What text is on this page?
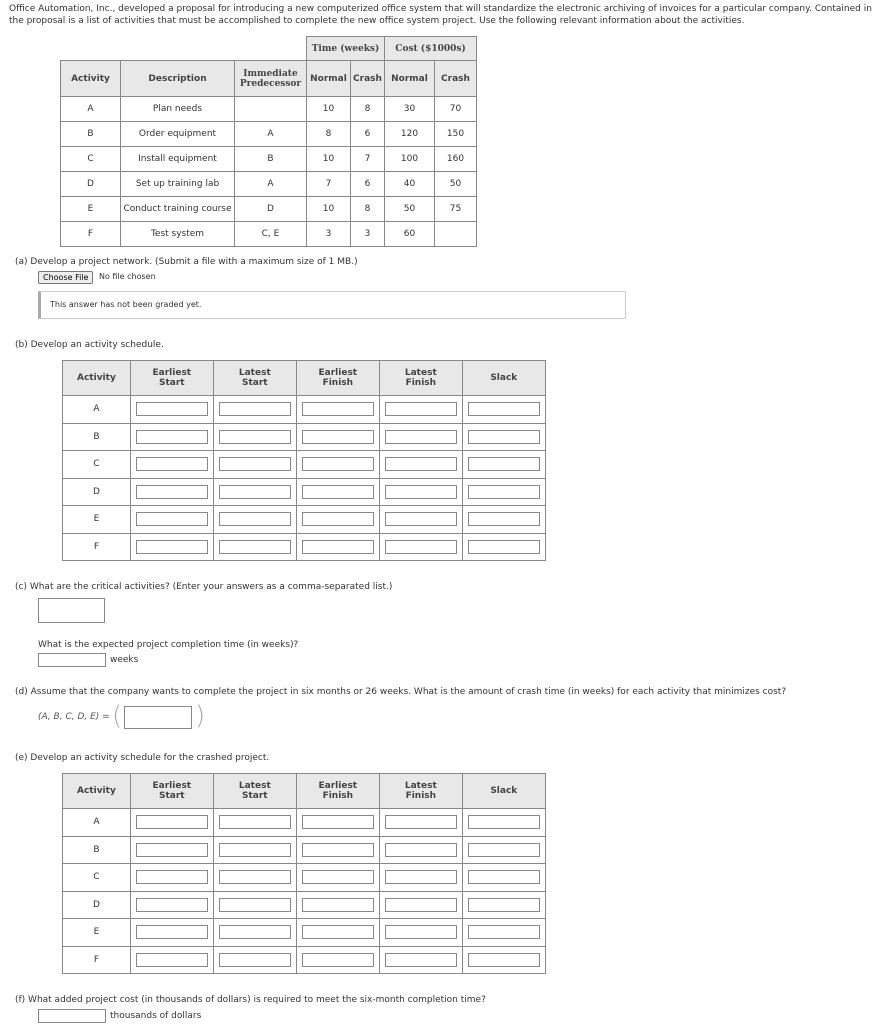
Office Automation, Inc., developed a proposal for introducing a new computerized office system that will standardize the electronic archiving of invoices for a particular company. Contained in the proposal is a list of activities that must be accomplished to complete the new office system project. Use the following relevant information about the activities.
			Time (weeks)		Cost ($1000s)	
Activity	Description	Immediate Predecessor	Normal	Crash	Normal	Crash
A	Plan needs		10	8	30	70
B	Order equipment	A	8	6	120	150
C	Install equipment	B	10	7	100	160
D	Set up training lab	A	7	6	40	50
E	Conduct training course	D	10	8	50	75
F	Test system	C, E	3	3	60	
(a) Develop a project network. (Submit a file with a maximum size of 1 MB.)
Choose File	No file chosen
This answer has not been graded yet.
(b) Develop an activity schedule.
Activity	Earliest Start	Latest Start	Earliest Finish	Latest Finish	Slack
A					
B					
C					
D					
E					
F					
(c) What are the critical activities? (Enter your answers as a comma-separated list.)
What is the expected project completion time (in weeks)?
weeks
(d) Assume that the company wants to complete the project in six months or 26 weeks. What is the amount of crash time (in weeks) for each activity that minimizes cost?
(A, B, C, D, E) = (	)
(e) Develop an activity schedule for the crashed project.
Activity	Earliest Start	Latest Start	Earliest Finish	Latest Finish	Slack
A					
B					
C					
D					
E					
F					
(f) What added project cost (in thousands of dollars) is required to meet the six-month completion time?
thousands of dollars
